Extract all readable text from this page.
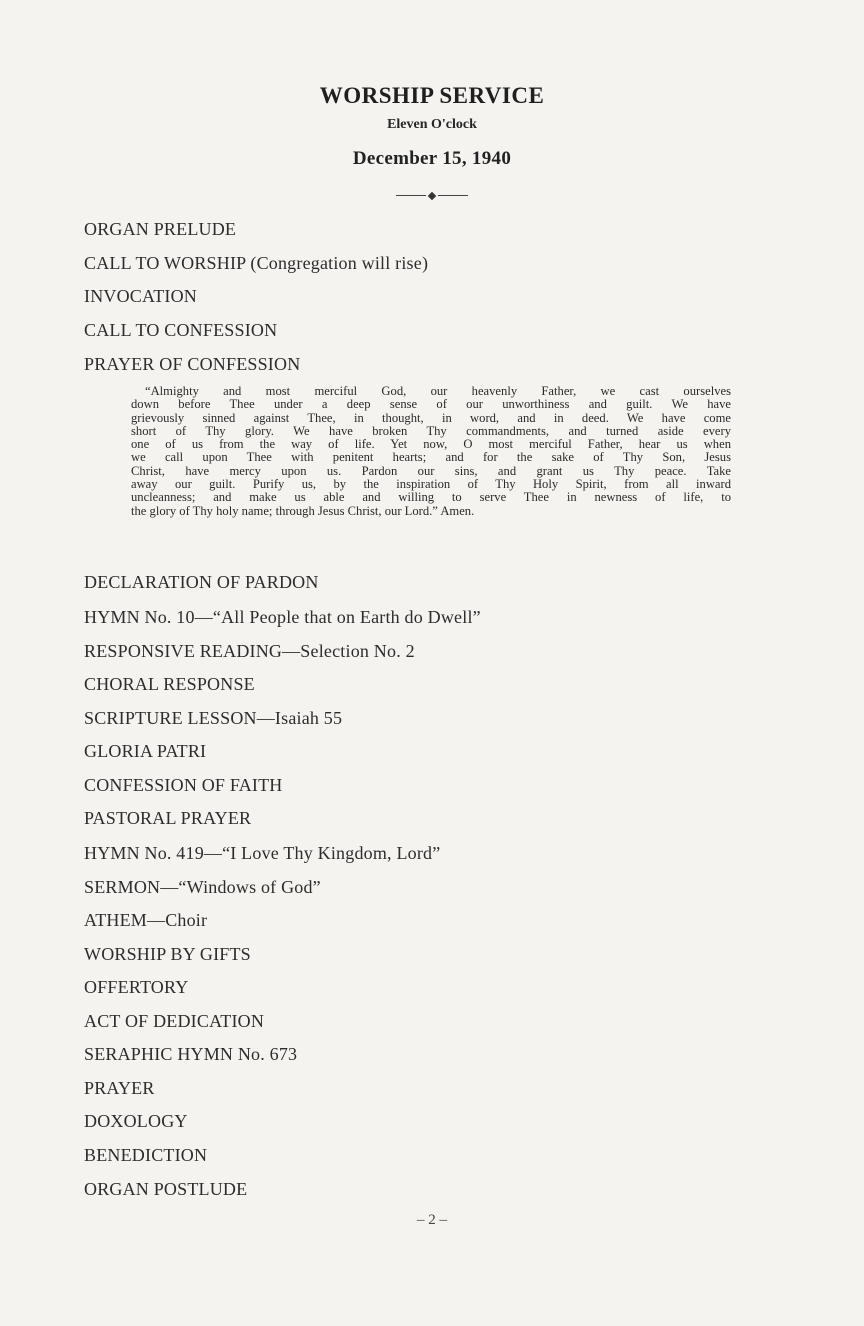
WORSHIP SERVICE
Eleven O'clock
December 15, 1940
ORGAN PRELUDE
CALL TO WORSHIP (Congregation will rise)
INVOCATION
CALL TO CONFESSION
PRAYER OF CONFESSION
“Almighty and most merciful God, our heavenly Father, we cast ourselves
down before Thee under a deep sense of our unworthiness and guilt. We have
grievously sinned against Thee, in thought, in word, and in deed. We have come
short of Thy glory. We have broken Thy commandments, and turned aside every
one of us from the way of life. Yet now, O most merciful Father, hear us when
we call upon Thee with penitent hearts; and for the sake of Thy Son, Jesus
Christ, have mercy upon us. Pardon our sins, and grant us Thy peace. Take
away our guilt. Purify us, by the inspiration of Thy Holy Spirit, from all inward
uncleanness; and make us able and willing to serve Thee in newness of life, to
the glory of Thy holy name; through Jesus Christ, our Lord.” Amen.
DECLARATION OF PARDON
HYMN No. 10—“All People that on Earth do Dwell”
RESPONSIVE READING—Selection No. 2
CHORAL RESPONSE
SCRIPTURE LESSON—Isaiah 55
GLORIA PATRI
CONFESSION OF FAITH
PASTORAL PRAYER
HYMN No. 419—“I Love Thy Kingdom, Lord”
SERMON—“Windows of God”
ATHEM—Choir
WORSHIP BY GIFTS
OFFERTORY
ACT OF DEDICATION
SERAPHIC HYMN No. 673
PRAYER
DOXOLOGY
BENEDICTION
ORGAN POSTLUDE
– 2 –
